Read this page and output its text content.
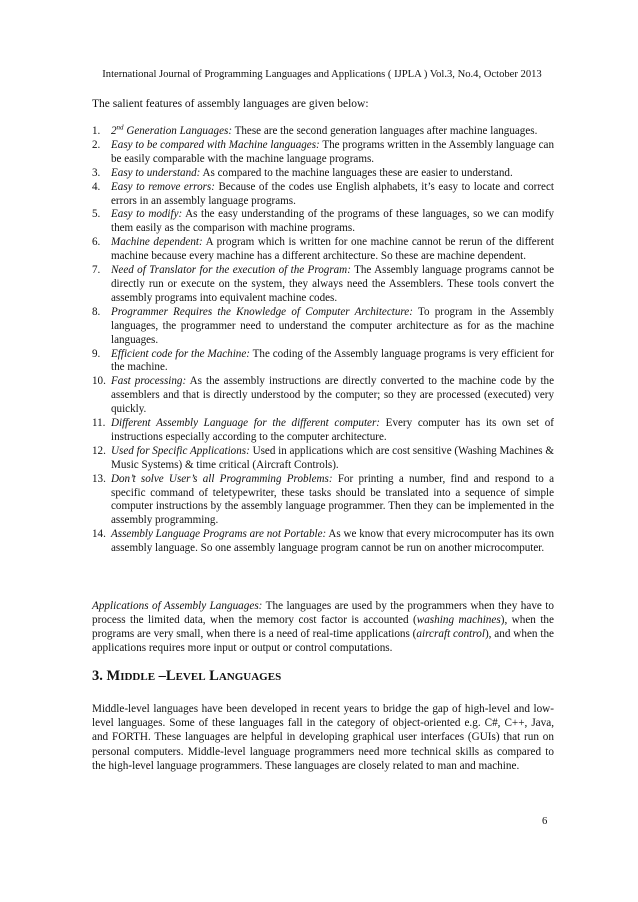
International Journal of Programming Languages and Applications ( IJPLA ) Vol.3, No.4, October 2013
The salient features of assembly languages are given below:
1. 2nd Generation Languages: These are the second generation languages after machine languages.
2. Easy to be compared with Machine languages: The programs written in the Assembly language can be easily comparable with the machine language programs.
3. Easy to understand: As compared to the machine languages these are easier to understand.
4. Easy to remove errors: Because of the codes use English alphabets, it’s easy to locate and correct errors in an assembly language programs.
5. Easy to modify: As the easy understanding of the programs of these languages, so we can modify them easily as the comparison with machine programs.
6. Machine dependent: A program which is written for one machine cannot be rerun of the different machine because every machine has a different architecture. So these are machine dependent.
7. Need of Translator for the execution of the Program: The Assembly language programs cannot be directly run or execute on the system, they always need the Assemblers. These tools convert the assembly programs into equivalent machine codes.
8. Programmer Requires the Knowledge of Computer Architecture: To program in the Assembly languages, the programmer need to understand the computer architecture as for as the machine languages.
9. Efficient code for the Machine: The coding of the Assembly language programs is very efficient for the machine.
10. Fast processing: As the assembly instructions are directly converted to the machine code by the assemblers and that is directly understood by the computer; so they are processed (executed) very quickly.
11. Different Assembly Language for the different computer: Every computer has its own set of instructions especially according to the computer architecture.
12. Used for Specific Applications: Used in applications which are cost sensitive (Washing Machines & Music Systems) & time critical (Aircraft Controls).
13. Don’t solve User’s all Programming Problems: For printing a number, find and respond to a specific command of teletypewriter, these tasks should be translated into a sequence of simple computer instructions by the assembly language programmer. Then they can be implemented in the assembly programming.
14. Assembly Language Programs are not Portable: As we know that every microcomputer has its own assembly language. So one assembly language program cannot be run on another microcomputer.

Applications of Assembly Languages: The languages are used by the programmers when they have to process the limited data, when the memory cost factor is accounted (washing machines), when the programs are very small, when there is a need of real-time applications (aircraft control), and when the applications requires more input or output or control computations.

3. MIDDLE –LEVEL LANGUAGES

Middle-level languages have been developed in recent years to bridge the gap of high-level and low-level languages. Some of these languages fall in the category of object-oriented e.g. C#, C++, Java, and FORTH. These languages are helpful in developing graphical user interfaces (GUIs) that run on personal computers. Middle-level language programmers need more technical skills as compared to the high-level language programmers. These languages are closely related to man and machine.

6
